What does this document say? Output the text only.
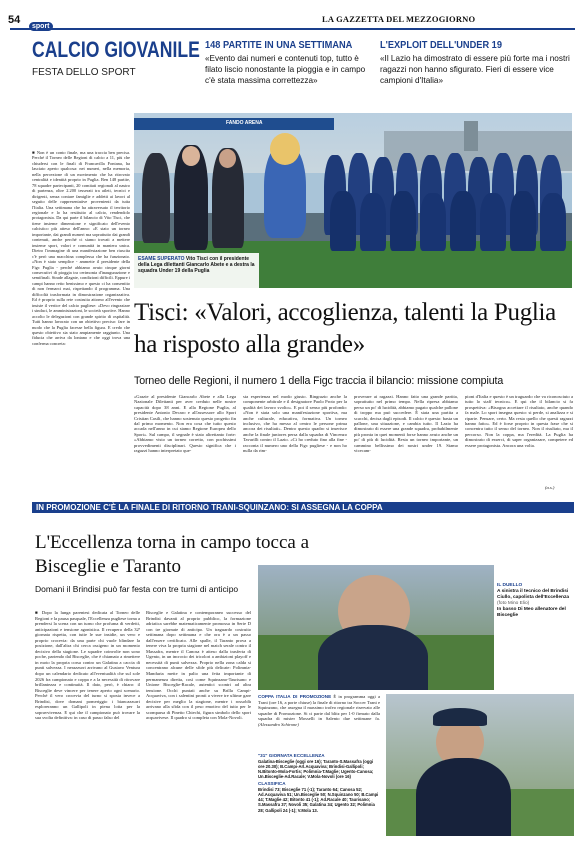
54
sport
LA GAZZETTA DEL MEZZOGIORNO
CALCIO GIOVANILE
FESTA DELLO SPORT
148 PARTITE IN UNA SETTIMANA
«Evento dai numeri e contenuti top, tutto è filato liscio nonostante la pioggia e in campo c'è stata massima correttezza»
L'EXPLOIT DELL'UNDER 19
«Il Lazio ha dimostrato di essere più forte ma i nostri ragazzi non hanno sfigurato. Fieri di essere vice campioni d'Italia»
■ Non è un conto finale, ma una traccia ben precisa. Perché il Torneo delle Regioni di calcio a 11, più che chiudersi con le finali di Francavilla Fontana, ha lasciato aperto qualcosa: nei numeri, nella memoria, nella percezione di un movimento che ha ritrovato centralità e identità proprio in Puglia. Ben 148 partite, 78 squadre partecipanti, 20 comitati regionali al nastro di partenza, oltre 2.200 tesserati tra atleti, tecnici e dirigenti, senza contare famiglie e addetti ai lavori al seguito delle rappresentative provenienti da tutta l'Italia. Una settimana che ha attraversato il territorio regionale e lo ha restituito al calcio, rendendolo protagonista. Da qui parte il bilancio di Vito Tisci, che tiene insieme dimensione e significato dell'evento calcistico più atteso dell'anno: «E stato un torneo importante, dai grandi numeri ma soprattutto dai grandi contenuti, anche perché ci siamo trovati a mettere insieme sport, valori e comunità in maniera unica. Dietro l'immagine di una manifestazione ben riuscita c'è però una macchina complessa che ha funzionato. «Non è stato semplice - ammette il presidente della Figc Puglia - perché abbiamo avuto cinque giorni consecutivi di pioggia tra cerimonia d'inaugurazione e semifinali. Strade allagate, condizioni difficili. Eppure i campi hanno retto benissimo e questo ci ha consentito di non fermarci mai, rispettando il programma. Una difficoltà trasformata in dimostrazione organizzativa. Ed è proprio sulla rete costruita attorno all'evento che insiste il vertice del calcio pugliese: «Devo ringraziare i sindaci, le amministrazioni, le società sportive. Hanno accolto le delegazioni con grande spirito di ospitalità. Tutti hanno lavorato con un obiettivo preciso: fare in modo che la Puglia facesse bella figura. E credo che questo obiettivo sia stato ampiamente raggiunto. Una fiducia che arriva da lontano e che oggi trova una conferma concreta:
FANDO ARENA
ESAME SUPERATO Vito Tisci con il presidente della Lega dilettanti Giancarlo Abete e a destra la squadra Under 19 della Puglia
Tisci: «Valori, accoglienza, talenti la Puglia ha risposto alla grande»
Torneo delle Regioni, il numero 1 della Figc traccia il bilancio: missione compiuta
«Grazie al presidente Giancarlo Abete e alla Lega Nazionale Dilettanti per aver creduto nelle nostre capacità dopo 38 anni. E alla Regione Puglia, al presidente Antonio Decaro e all'assessore allo Sport Cristian Casili, che hanno sostenuto questo progetto fin dal primo momento. Non era cosa che tutto questo accada nell'anno in cui siamo Regione Europea dello Sport». Sul campo, il segnale è stato altrettanto forte: «Abbiamo visto un torneo corretto, con pochissimi provvedimenti disciplinari. Questo significa che i ragazzi hanno interpretato que-
sta esperienza nel modo giusto. Ringrazio anche la componente arbitrale e il designatore Paolo Proto per la qualità dei lavoro svolto». E poi il senso più profondo: «Non è stata solo una manifestazione sportiva, ma anche culturale, educativa, formativa. Un torneo inclusivo, che ha messo al centro le persone prima ancora dei risultati». Dentro questo quadro si inserisce anche la finale juniores persa dalla squadra di Vincenzo Tavarilli contro il Lazio. «Ci ho creduto fino alla fine - racconta il numero uno della Figc pugliese - e non ho nulla da rim-
proverare ai ragazzi. Hanno fatto una grande partita, soprattutto nel primo tempo. Nella ripresa abbiamo perso un po' di lucidità, abbiamo pagato qualche pallone di troppo ma può succedere. È stata una partita a scacchi, decisa dagli episodi. Il calcio è questo: basta un pallone, una situazione, e cambia tutto. Il Lazio ha dimostrato di essere una grande squadra, probabilmente più pronta in quei momenti forse hanno avuto anche un po' di più di lucidità. Resta un torneo importante, un cammino bellissimo dei nostri under 19. Siamo vicecam-
pioni d'Italia e questo è un traguardo che va riconosciuto a tutto lo staff tecnico». E qui che il bilancio si fa prospettiva: «Bisogna accettare il risultato, anche quando fa male. Lo sport insegna questo: si perde, si analizza e si riparte. Pensare, certo. Ma resta quello che questi ragazzi hanno fatto». Ed è forse proprio in questa frase che si concentra tutto il senso del torneo. Non il risultato, ma il percorso. Non la coppa, ma l'eredità. La Puglia ha dimostrato di esserci, di saper organizzare, competere ed essere protagonista. Ancora una volta.
(a.s.)
IN PROMOZIONE C'È LA FINALE DI RITORNO TRANI-SQUINZANO: SI ASSEGNA LA COPPA
L'Eccellenza torna in campo tocca a Bisceglie e Taranto
Domani il Brindisi può far festa con tre turni di anticipo
■ Dopo la lunga parentesi dedicata al Torneo delle Regioni e la pausa pasquale, l'Eccellenza pugliese torna a prendersi la scena con un turno che profuma di verdetti, anticipazioni e tensione agonistica. Il recupero della 32ª giornata rispetta, con tutte le sue insidie, un vero e proprio crocevia: da una parte chi vuole blindare la posizione, dall'altra chi cerca ossigeno in un momento decisivo della stagione. Le squadre coinvolte non sono poche, partendo dal Bisceglie, che è chiamato a rimettere in moto la propria corsa contro un Galatina a caccia di punti salvezza. I nerazzurri arrivano al Gustavo Ventura dopo un calendario dedicato all'eventualità che sul sole 2026 fra campionato e coppa e a la necessità di ritrovare brillantezza e continuità. Il dato, però, è chiaro: il Bisceglie deve vincere per tenere aperto ogni scenario. Perché il vero crocevia del turno si sposta invece a Brindisi, dove domani pomeriggio i biancazzurri esploreranno un Gallipoli in piena lotta per la sopravvivenza. E qui che il campionato può trovare la sua svolta definitiva: in caso di passo falso del
Bisceglie e Galatina e contemporaneo successo del Brindisi davanti al proprio pubblico, la formazione adriatica sarebbe matematicamente promossa in Serie D con tre giornate di anticipo. Un traguardo costruito settimana dopo settimana e che ora è a un passo dall'essere certificato. Alle spalle, il Taranto prova a tenere viva la propria stagione nel match serale contro il Massafra, mentre il Canosa è atteso dalla trasferta di Ugento, in un incrocio dei tricolori a ambizioni playoff e necessità di punti salvezza. Proprio nella zona calda si concentrano alcune delle sfide più delicate: Polimnia-Manduria mette in palio una fetta importante di permanenza diretta, così come Squinzano-Taurisano e Unione Bisceglie-Racale, autentici scontri ad altra tensione. Occhi puntati anche su Brilla Campi-Acquaviva, con i salentini pronti a vivere tre ultime gare decisive per meglio la stagione, mentre i rossoblù arrivano alla sfida con il peso emotivo del tutto per le scomparsa di Pinetto Chiechi, figura simbolo dello sport acquavivese. Il quadro si completa con Mola-Novoli.
IL DUELLO
A sinistra il tecnico del Brindisi Ciullo, capolista dell'Eccellenza (foto Mino Elio)
In basso Di Meo allenatore del Bisceglie
COPPA ITALIA DI PROMOZIONE È in programma oggi a Trani (ore 16, a porte chiuse) la finale di ritorno tra Soccer Trani e Squinzano, che assegna il massimo trofeo regionale riservato alle squadre di Promozione. Si ci parte dal blitz per 1-0 firmato dalla squadra di mister Mosselli in Salento due settimane fa. (Alessandro Schirone)
"31" GIORNATA ECCELLENZA
Galatina-Bisceglie (oggi ore 16); Taranto-S.Massafra (oggi ore 20.30); B.Campi-Arl.Acquaviva; Brindisi-Gallipoli; N.Bitonto-Mola-Fortis; Polimnia-T.Maglie; Ugento-Canosa; Un.Bisceglie-Ad.Racale; V.Mola-Novoli (ore 16)
CLASSIFICA
Brindisi 73; Bisceglie 71 (-1); Taranto 64; Canosa 52; Ad.Acquaviva 51; Un.Bisceglie 50; N.Squinzano 50; B.Campi 44; T.Maglie 42; Bitonto 41 (-1); Ad.Racale 40; Taurisano; S.Massafra 37; Novoli 35; Galatina 34; Ugento 32; Polimnia 28; Gallipoli 24 (-1); V.Mola 13.
